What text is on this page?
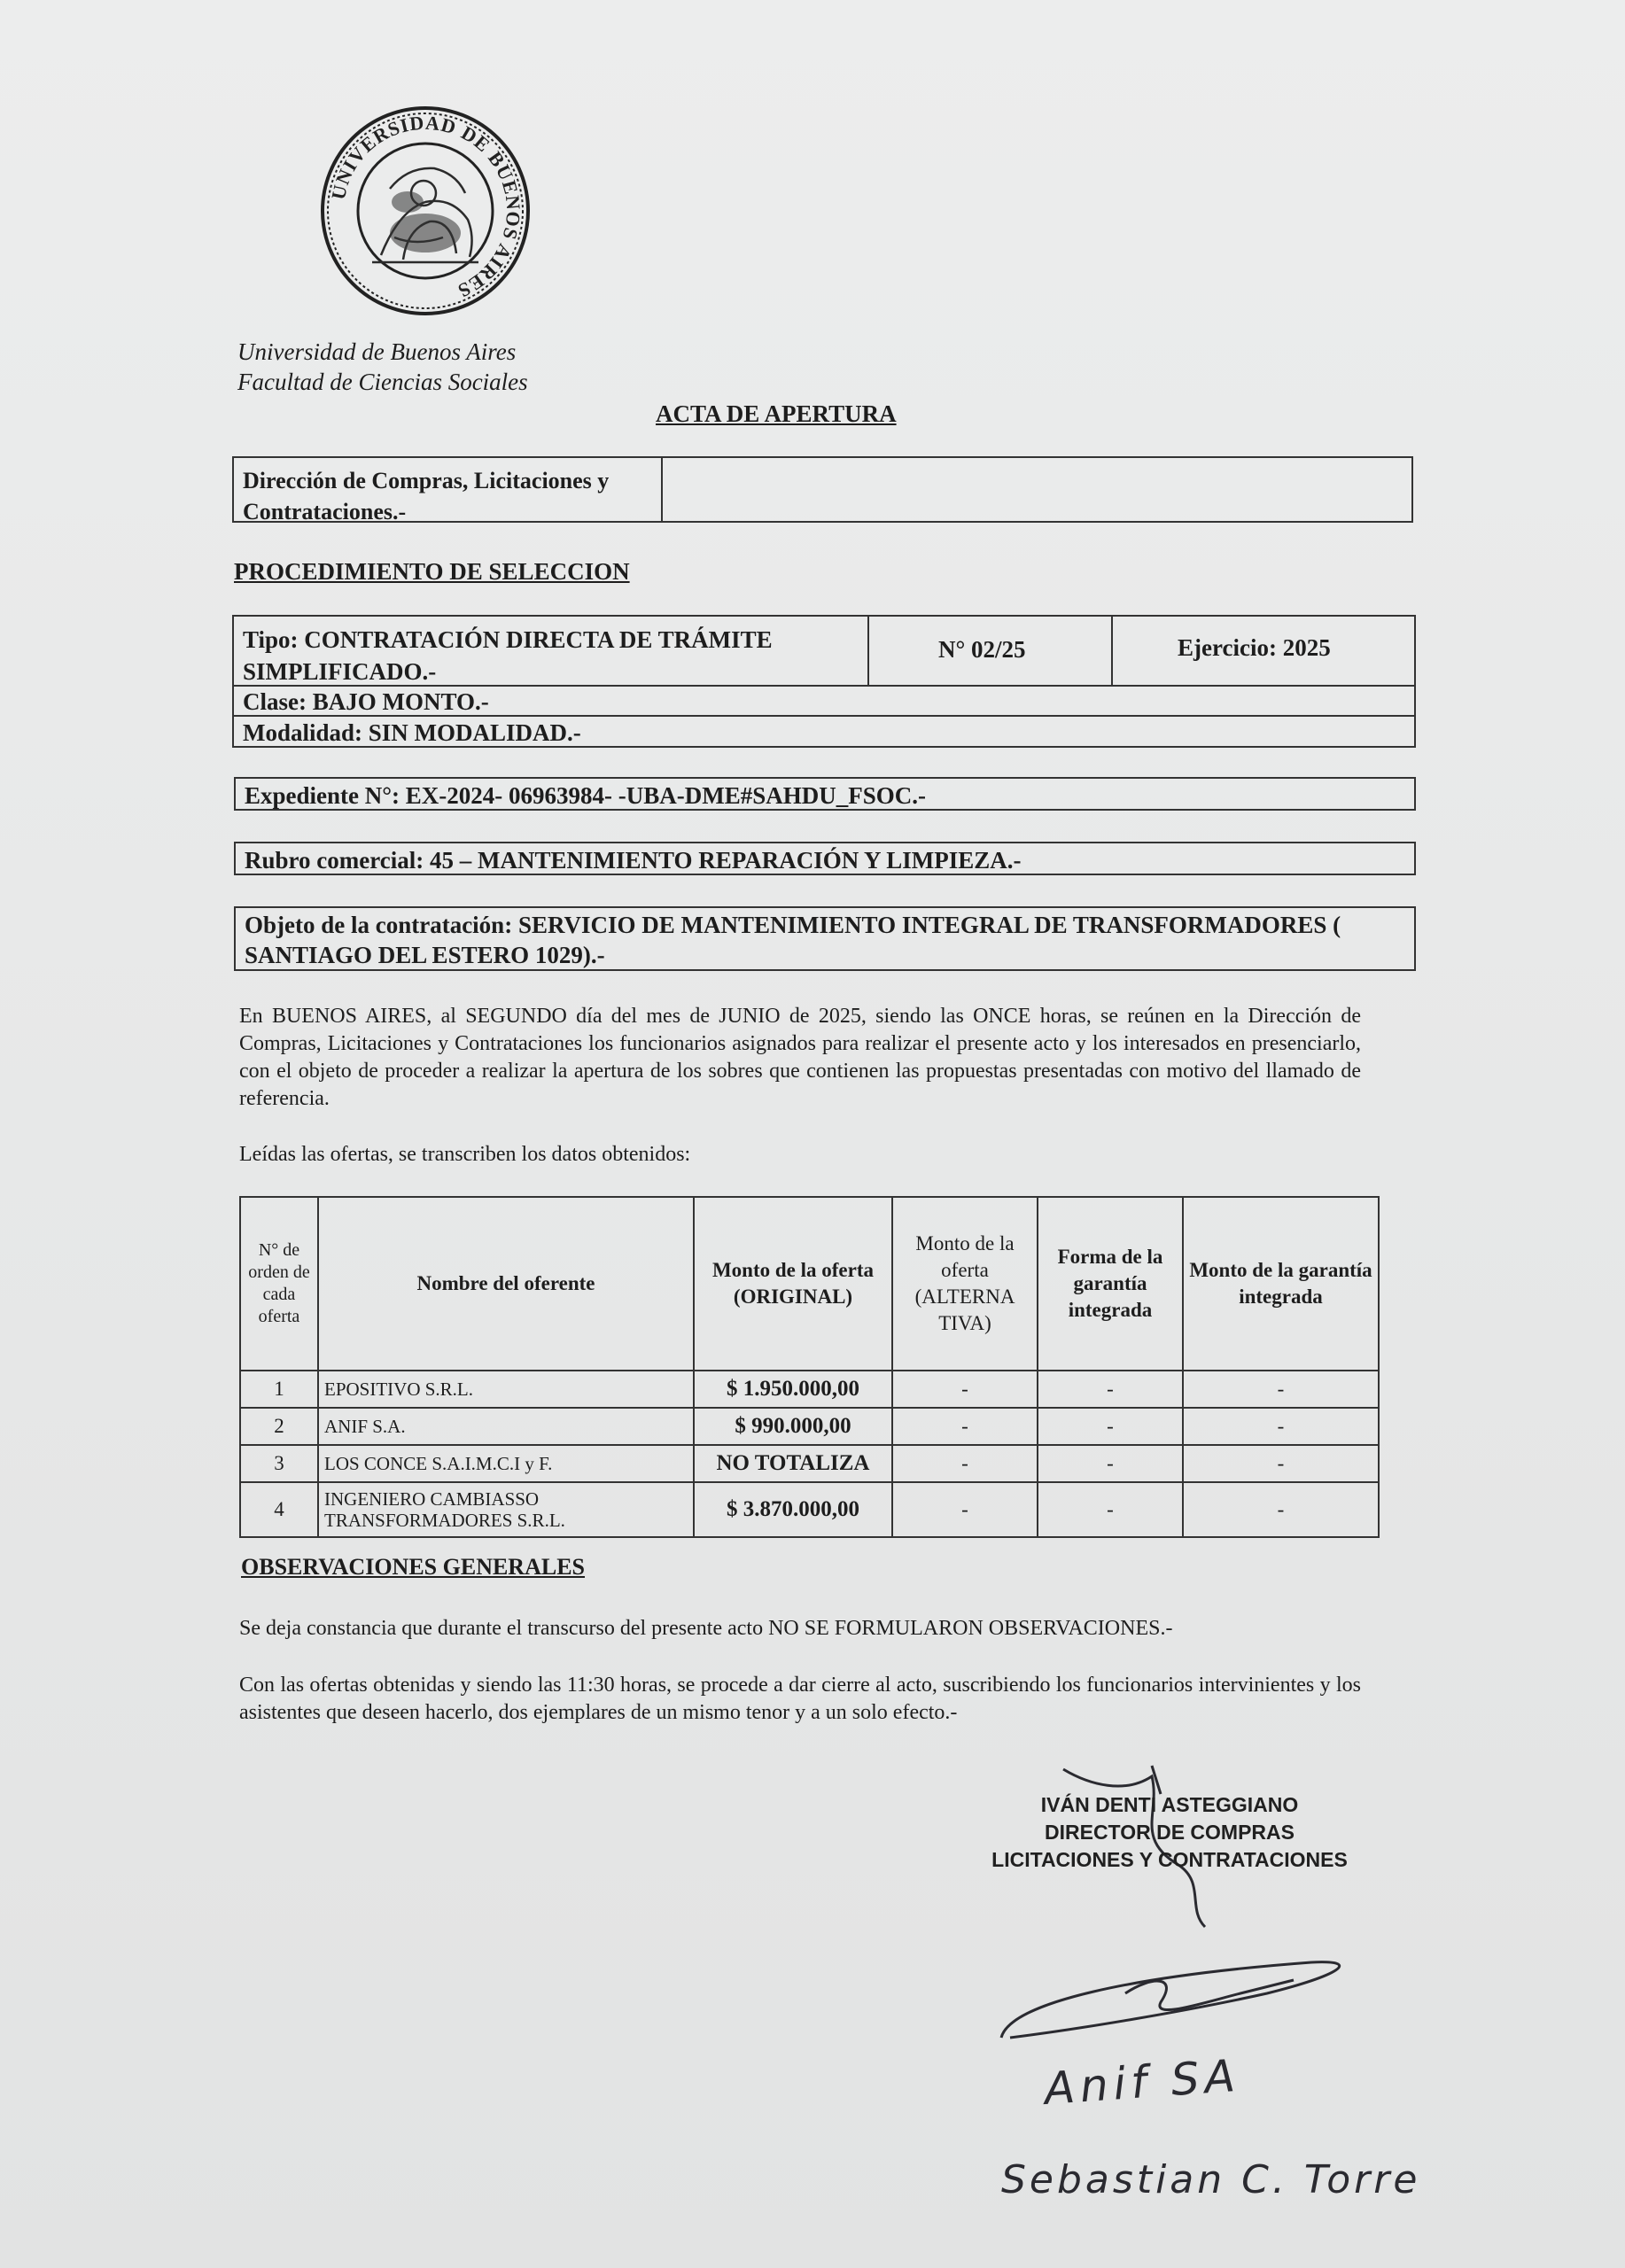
UNIVERSIDAD DE BUENOS AIRES
Universidad de Buenos Aires
Facultad de Ciencias Sociales
ACTA DE APERTURA
Dirección de Compras, Licitaciones y Contrataciones.-
PROCEDIMIENTO DE SELECCION
Tipo: CONTRATACIÓN DIRECTA DE TRÁMITE SIMPLIFICADO.-
N° 02/25	Ejercicio: 2025
Clase: BAJO MONTO.-
Modalidad: SIN MODALIDAD.-
Expediente N°: EX-2024- 06963984- -UBA-DME#SAHDU_FSOC.-
Rubro comercial: 45 – MANTENIMIENTO REPARACIÓN Y LIMPIEZA.-
Objeto de la contratación: SERVICIO DE MANTENIMIENTO INTEGRAL DE TRANSFORMADORES ( SANTIAGO DEL ESTERO 1029).-
En BUENOS AIRES, al SEGUNDO día del mes de JUNIO de 2025, siendo las ONCE horas, se reúnen en la Dirección de Compras, Licitaciones y Contrataciones los funcionarios asignados para realizar el presente acto y los interesados en presenciarlo, con el objeto de proceder a realizar la apertura de los sobres que contienen las propuestas presentadas con motivo del llamado de referencia.
Leídas las ofertas, se transcriben los datos obtenidos:
N° de orden de cada oferta	Nombre del oferente	Monto de la oferta (ORIGINAL)	Monto de la oferta (ALTERNA TIVA)	Forma de la garantía integrada	Monto de la garantía integrada
1	EPOSITIVO S.R.L.	$ 1.950.000,00	-	-	-
2	ANIF S.A.	$ 990.000,00	-	-	-
3	LOS CONCE S.A.I.M.C.I y F.	NO TOTALIZA	-	-	-
4	INGENIERO CAMBIASSO TRANSFORMADORES S.R.L.	$ 3.870.000,00	-	-	-
OBSERVACIONES GENERALES
Se deja constancia que durante el transcurso del presente acto NO SE FORMULARON OBSERVACIONES.-
Con las ofertas obtenidas y siendo las 11:30 horas, se procede a dar cierre al acto, suscribiendo los funcionarios intervinientes y los asistentes que deseen hacerlo, dos ejemplares de un mismo tenor y a un solo efecto.-
IVÁN DENTI ASTEGGIANO
DIRECTOR DE COMPRAS
LICITACIONES Y CONTRATACIONES
Anif SA
Sebastian C. Torre
